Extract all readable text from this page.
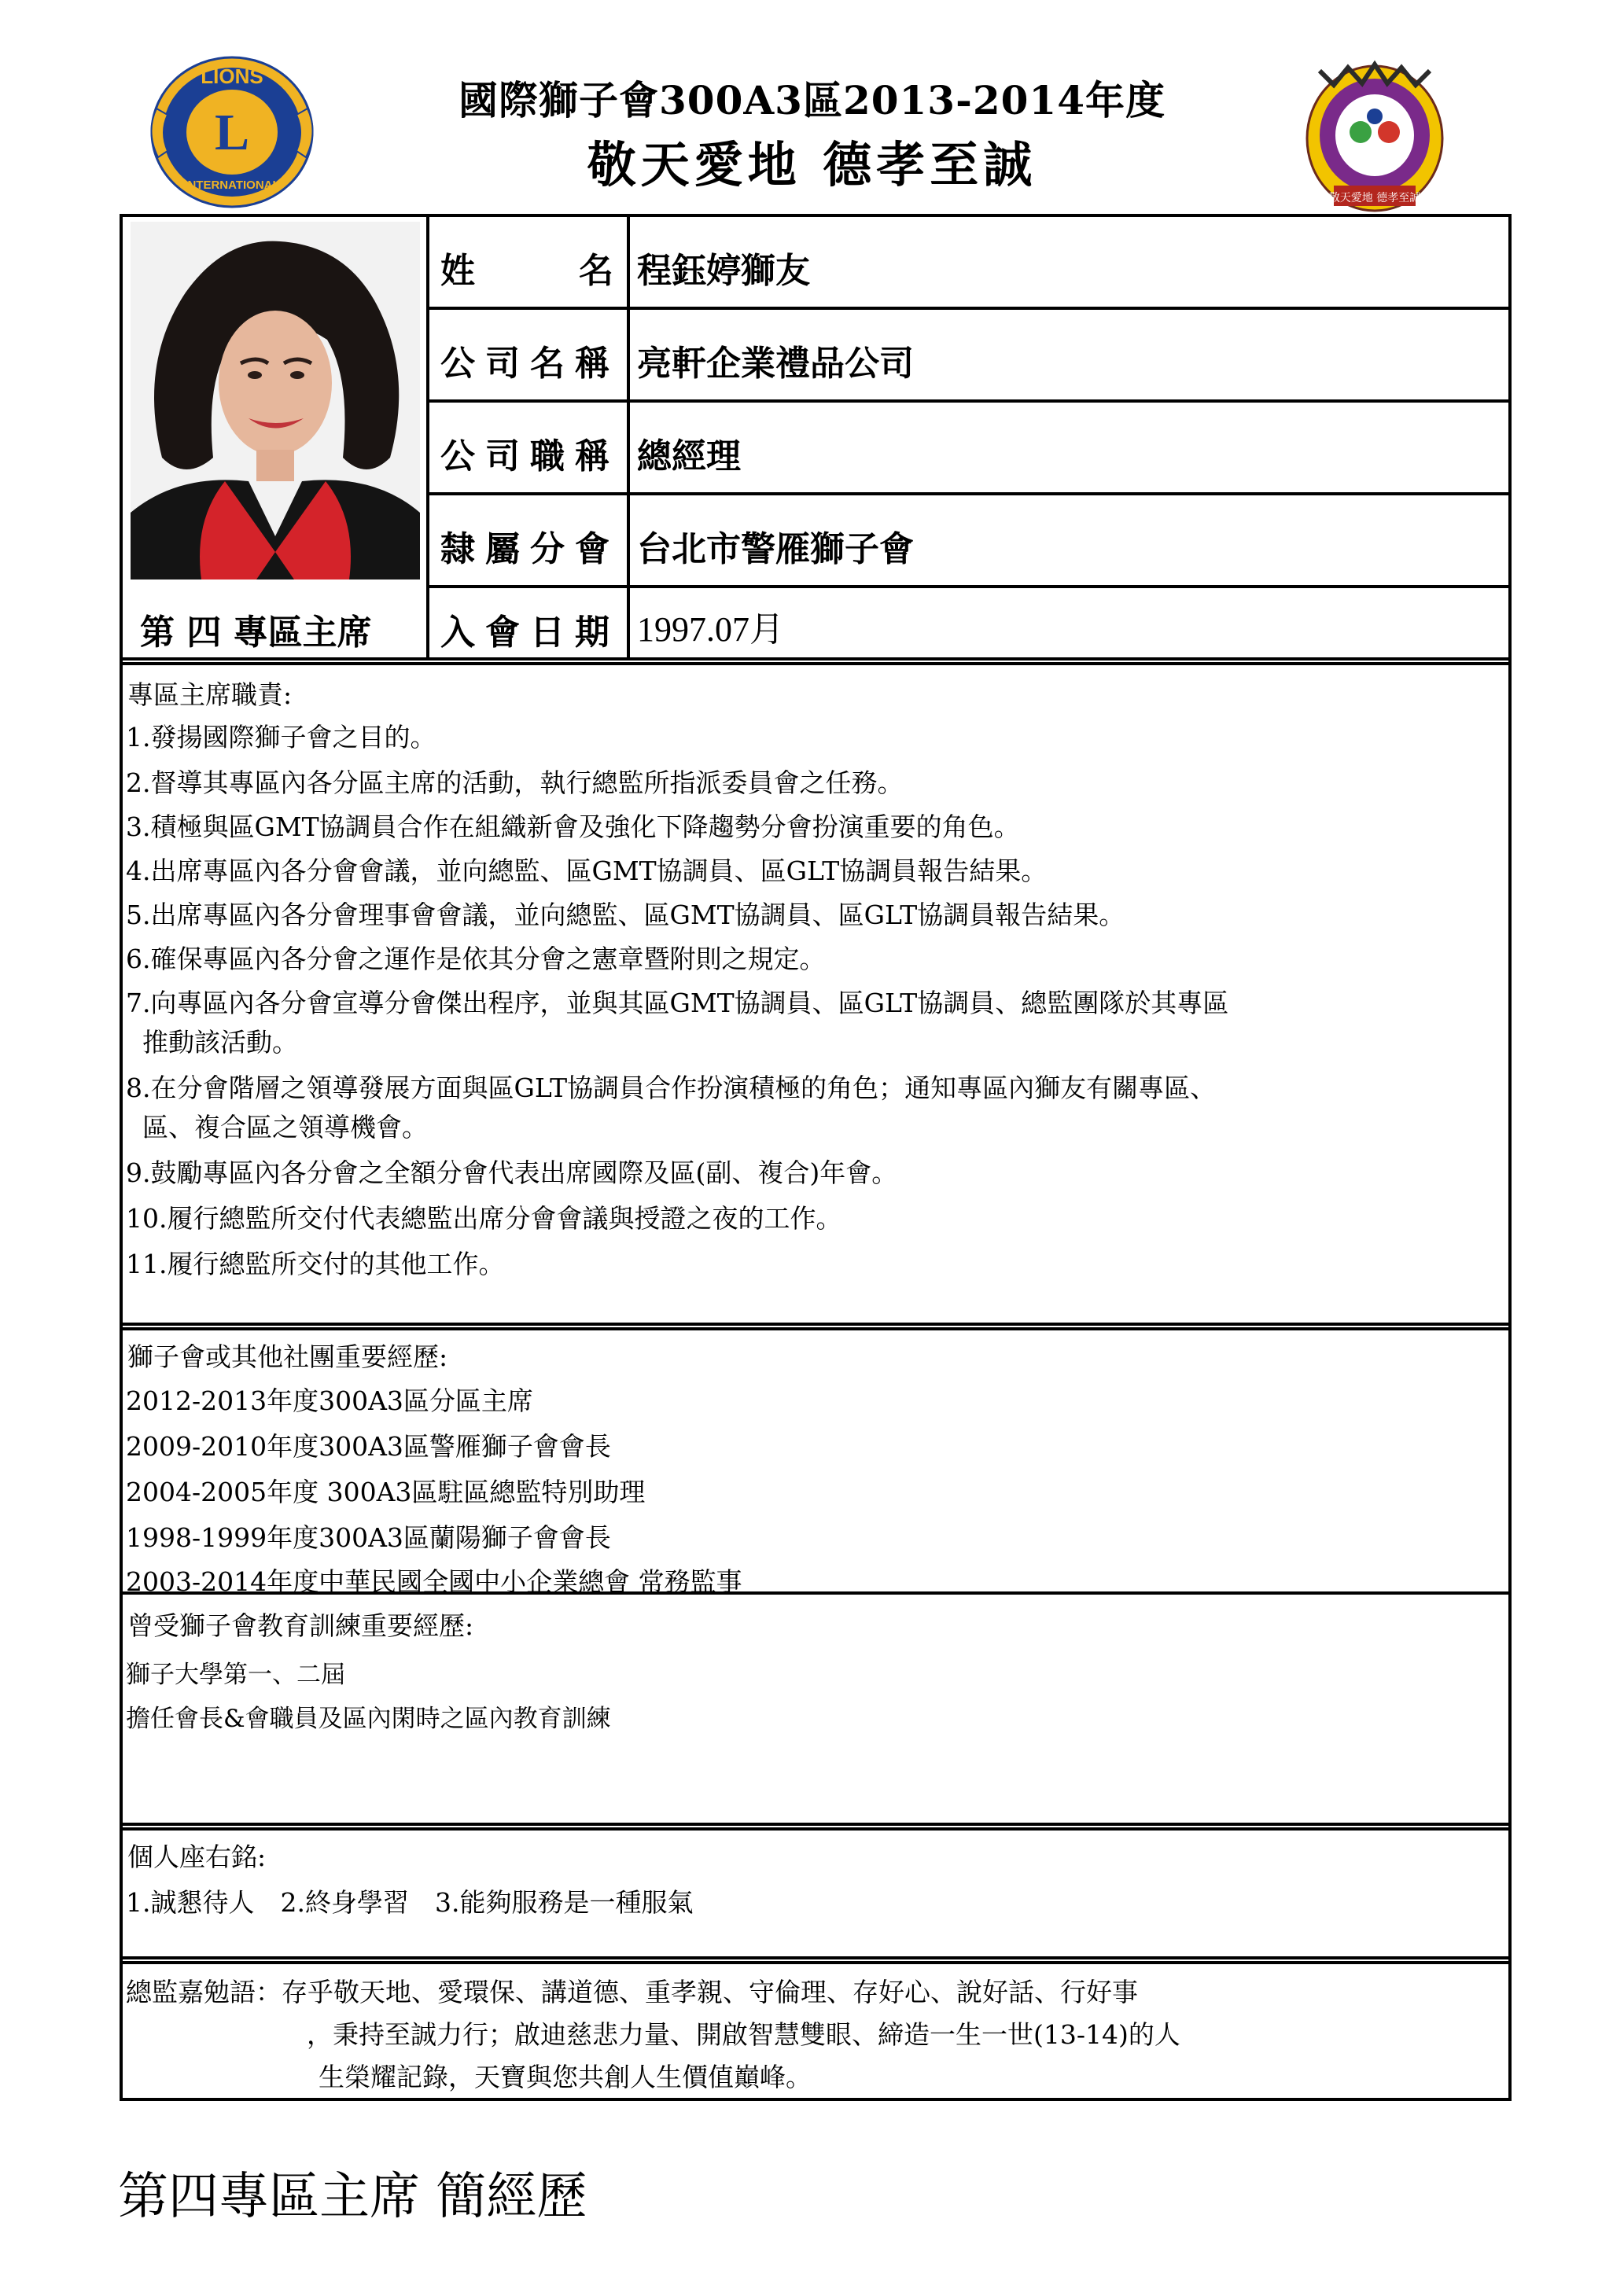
L
LIONS
INTERNATIONAL
國際獅子會300A3區2013-2014年度
敬天愛地 德孝至誠
敬天愛地 德孝至誠
第 四 專區主席
姓　　　名 程鈺婷獅友
公司名稱 亮軒企業禮品公司
公司職稱 總經理
隸屬分會 台北市警雁獅子會
入會日期 1997.07月
專區主席職責:
1.發揚國際獅子會之目的。
2.督導其專區內各分區主席的活動，執行總監所指派委員會之任務。
3.積極與區GMT協調員合作在組織新會及強化下降趨勢分會扮演重要的角色。
4.出席專區內各分會會議，並向總監、區GMT協調員、區GLT協調員報告結果。
5.出席專區內各分會理事會會議，並向總監、區GMT協調員、區GLT協調員報告結果。
6.確保專區內各分會之運作是依其分會之憲章暨附則之規定。
7.向專區內各分會宣導分會傑出程序，並與其區GMT協調員、區GLT協調員、總監團隊於其專區
推動該活動。
8.在分會階層之領導發展方面與區GLT協調員合作扮演積極的角色；通知專區內獅友有關專區、
區、複合區之領導機會。
9.鼓勵專區內各分會之全額分會代表出席國際及區(副、複合)年會。
10.履行總監所交付代表總監出席分會會議與授證之夜的工作。
11.履行總監所交付的其他工作。
獅子會或其他社團重要經歷:
2012-2013年度300A3區分區主席
2009-2010年度300A3區警雁獅子會會長
2004-2005年度 300A3區駐區總監特別助理
1998-1999年度300A3區蘭陽獅子會會長
2003-2014年度中華民國全國中小企業總會 常務監事
曾受獅子會教育訓練重要經歷:
獅子大學第一、二屆
擔任會長&會職員及區內閑時之區內教育訓練
個人座右銘:
1.誠懇待人　2.終身學習　3.能夠服務是一種服氣
總監嘉勉語：存乎敬天地、愛環保、講道德、重孝親、守倫理、存好心、說好話、行好事
，秉持至誠力行；啟迪慈悲力量、開啟智慧雙眼、締造一生一世(13-14)的人
生榮耀記錄，天寶與您共創人生價值巔峰。
第四專區主席 簡經歷
